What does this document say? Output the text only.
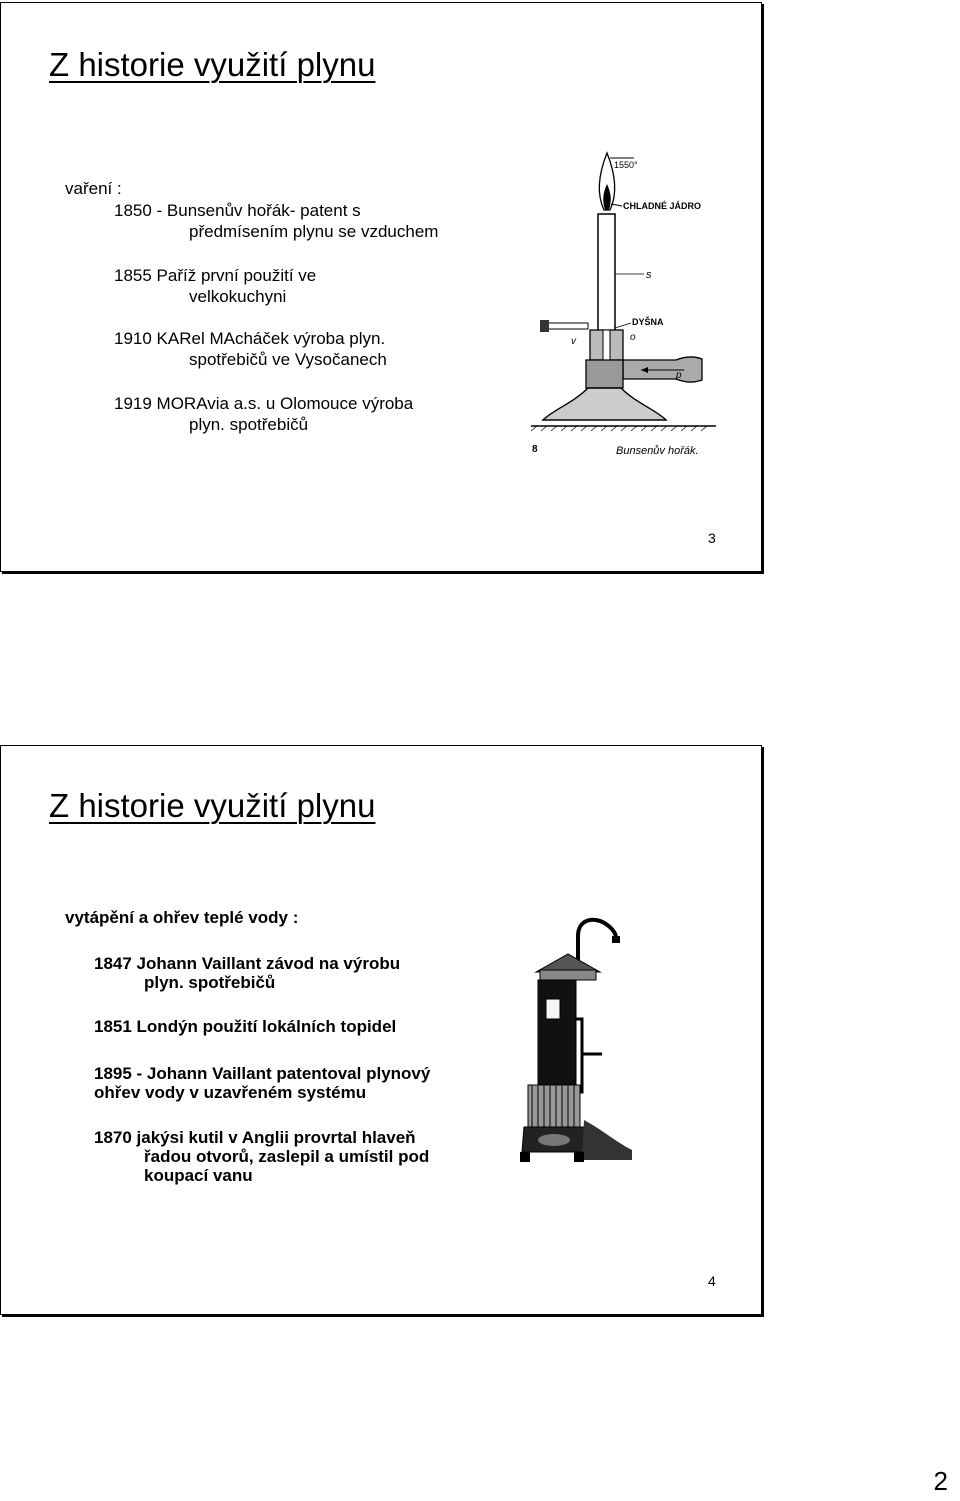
Z historie využití plynu
vaření :
1850 - Bunsenův hořák- patent s
předmísením plynu se vzduchem
1855 Paříž první použití ve
velkokuchyni
1910 KARel MAcháček výroba plyn.
spotřebičů ve Vysočanech
1919 MORAvia a.s. u Olomouce výroba
plyn. spotřebičů
1550°
CHLADNÉ JÁDRO
s
v
DYŠNA
o
p
8	Bunsenův hořák.
3
Z historie využití plynu
vytápění a ohřev teplé vody :
1847 Johann Vaillant závod na výrobu
plyn. spotřebičů
1851 Londýn použití lokálních topidel
1895 - Johann Vaillant patentoval plynový
ohřev vody v uzavřeném systému
1870 jakýsi kutil v Anglii provrtal hlaveň
řadou otvorů, zaslepil a umístil pod
koupací vanu
4
2
